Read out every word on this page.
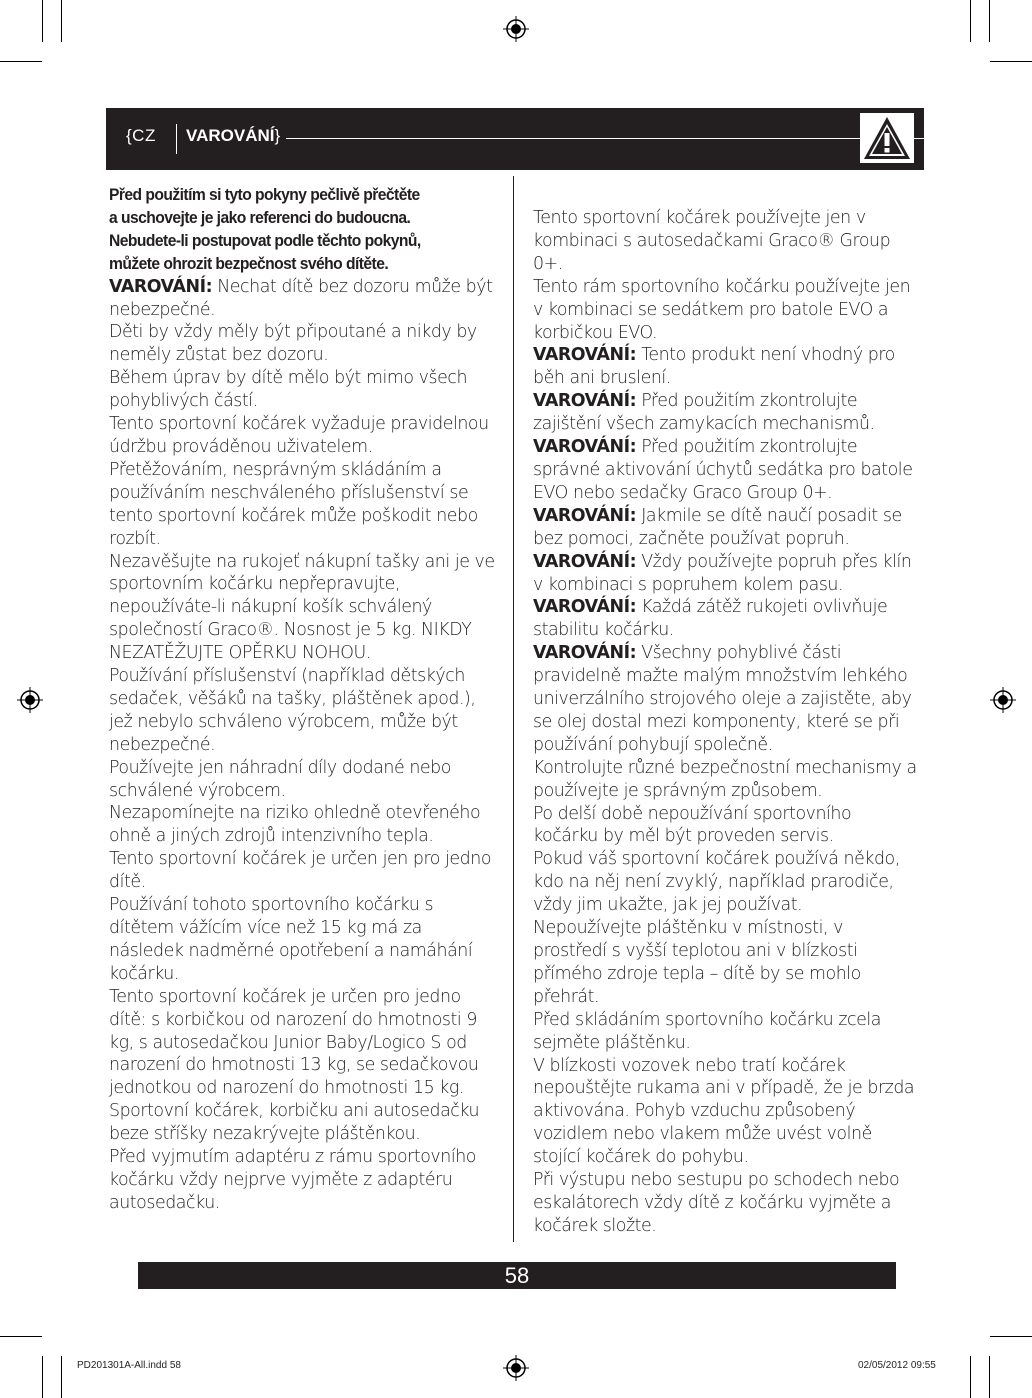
{CZ VAROVÁNÍ}
Před použitím si tyto pokyny pečlivě přečtěte
a uschovejte je jako referenci do budoucna.
Nebudete-li postupovat podle těchto pokynů,
můžete ohrozit bezpečnost svého dítěte.

VAROVÁNÍ: Nechat dítě bez dozoru může být nebezpečné.

Děti by vždy měly být připoutané a nikdy by neměly zůstat bez dozoru.

Během úprav by dítě mělo být mimo všech pohyblivých částí.

Tento sportovní kočárek vyžaduje pravidelnou údržbu prováděnou uživatelem.

Přetěžováním, nesprávným skládáním a používáním neschváleného příslušenství se tento sportovní kočárek může poškodit nebo rozbít.

Nezavěšujte na rukojeť nákupní tašky ani je ve sportovním kočárku nepřepravujte, nepoužíváte-li nákupní košík schválený společností Graco®. Nosnost je 5 kg. NIKDY NEZATĚŽUJTE OPĚRKU NOHOU.

Používání příslušenství (například dětských sedaček, věšáků na tašky, pláštěnek apod.), jež nebylo schváleno výrobcem, může být nebezpečné.

Používejte jen náhradní díly dodané nebo schválené výrobcem.

Nezapomínejte na riziko ohledně otevřeného ohně a jiných zdrojů intenzivního tepla.

Tento sportovní kočárek je určen jen pro jedno dítě.

Používání tohoto sportovního kočárku s dítětem vážícím více než 15 kg má za následek nadměrné opotřebení a namáhání kočárku.

Tento sportovní kočárek je určen pro jedno dítě: s korbičkou od narození do hmotnosti 9 kg, s autosedačkou Junior Baby/Logico S od narození do hmotnosti 13 kg, se sedačkovou jednotkou od narození do hmotnosti 15 kg.

Sportovní kočárek, korbičku ani autosedačku beze stříšky nezakrývejte pláštěnkou.

Před vyjmutím adaptéru z rámu sportovního kočárku vždy nejprve vyjměte z adaptéru autosedačku.

Tento sportovní kočárek používejte jen v kombinaci s autosedačkami Graco® Group 0+.

Tento rám sportovního kočárku používejte jen v kombinaci se sedátkem pro batole EVO a korbičkou EVO.

VAROVÁNÍ: Tento produkt není vhodný pro běh ani bruslení.

VAROVÁNÍ: Před použitím zkontrolujte zajištění všech zamykacích mechanismů.

VAROVÁNÍ: Před použitím zkontrolujte správné aktivování úchytů sedátka pro batole EVO nebo sedačky Graco Group 0+.

VAROVÁNÍ: Jakmile se dítě naučí posadit se bez pomoci, začněte používat popruh.

VAROVÁNÍ: Vždy používejte popruh přes klín v kombinaci s popruhem kolem pasu.

VAROVÁNÍ: Každá zátěž rukojeti ovlivňuje stabilitu kočárku.

VAROVÁNÍ: Všechny pohyblivé části pravidelně mažte malým množstvím lehkého univerzálního strojového oleje a zajistěte, aby se olej dostal mezi komponenty, které se při používání pohybují společně.

Kontrolujte různé bezpečnostní mechanismy a používejte je správným způsobem.

Po delší době nepoužívání sportovního kočárku by měl být proveden servis.

Pokud váš sportovní kočárek používá někdo, kdo na něj není zvyklý, například prarodiče, vždy jim ukažte, jak jej používat.

Nepoužívejte pláštěnku v místnosti, v prostředí s vyšší teplotou ani v blízkosti přímého zdroje tepla – dítě by se mohlo přehrát.

Před skládáním sportovního kočárku zcela sejměte pláštěnku.

V blízkosti vozovek nebo tratí kočárek nepouštějte rukama ani v případě, že je brzda aktivována. Pohyb vzduchu způsobený vozidlem nebo vlakem může uvést volně stojící kočárek do pohybu.

Při výstupu nebo sestupu po schodech nebo eskalátorech vždy dítě z kočárku vyjměte a kočárek složte.

58
PD201301A-All.indd 58	02/05/2012 09:55
